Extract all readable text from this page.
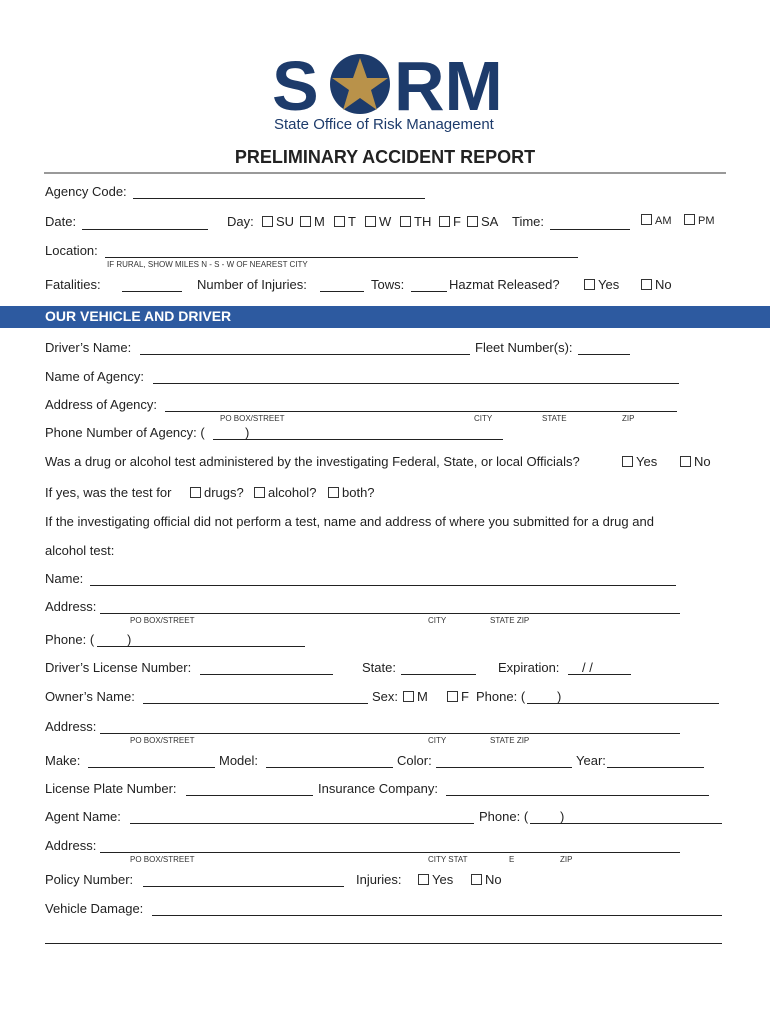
S RM
State Office of Risk Management
PRELIMINARY ACCIDENT REPORT
Agency Code:
Date:	Day:	SU	M	T	W	TH	F	SA Time:	AM	PM
Location:
IF RURAL, SHOW MILES N - S - W OF NEAREST CITY
Fatalities:	Number of Injuries:	Tows:	Hazmat Released?	Yes	No
OUR VEHICLE AND DRIVER
Driver’s Name:	Fleet Number(s):
Name of Agency:
Address of Agency:
PO BOX/STREET	CITY	STATE	ZIP
Phone Number of Agency: (	)
Was a drug or alcohol test administered by the investigating Federal, State, or local Officials?	Yes	No
If yes, was the test for	drugs?	alcohol?	both?
If the investigating official did not perform a test, name and address of where you submitted for a drug and
alcohol test:
Name:
Address:
PO BOX/STREET	CITY	STATE ZIP
Phone: (	)
Driver’s License Number:	State:	Expiration: / /
Owner’s Name:	Sex:	M	F Phone: ( )
Address:
PO BOX/STREET	CITY	STATE ZIP
Make:	Model:	Color:	Year:
License Plate Number:	Insurance Company:
Agent Name:	Phone: ( )
Address:
PO BOX/STREET	CITY STAT	E	ZIP
Policy Number:	Injuries:	Yes	No
Vehicle Damage:
